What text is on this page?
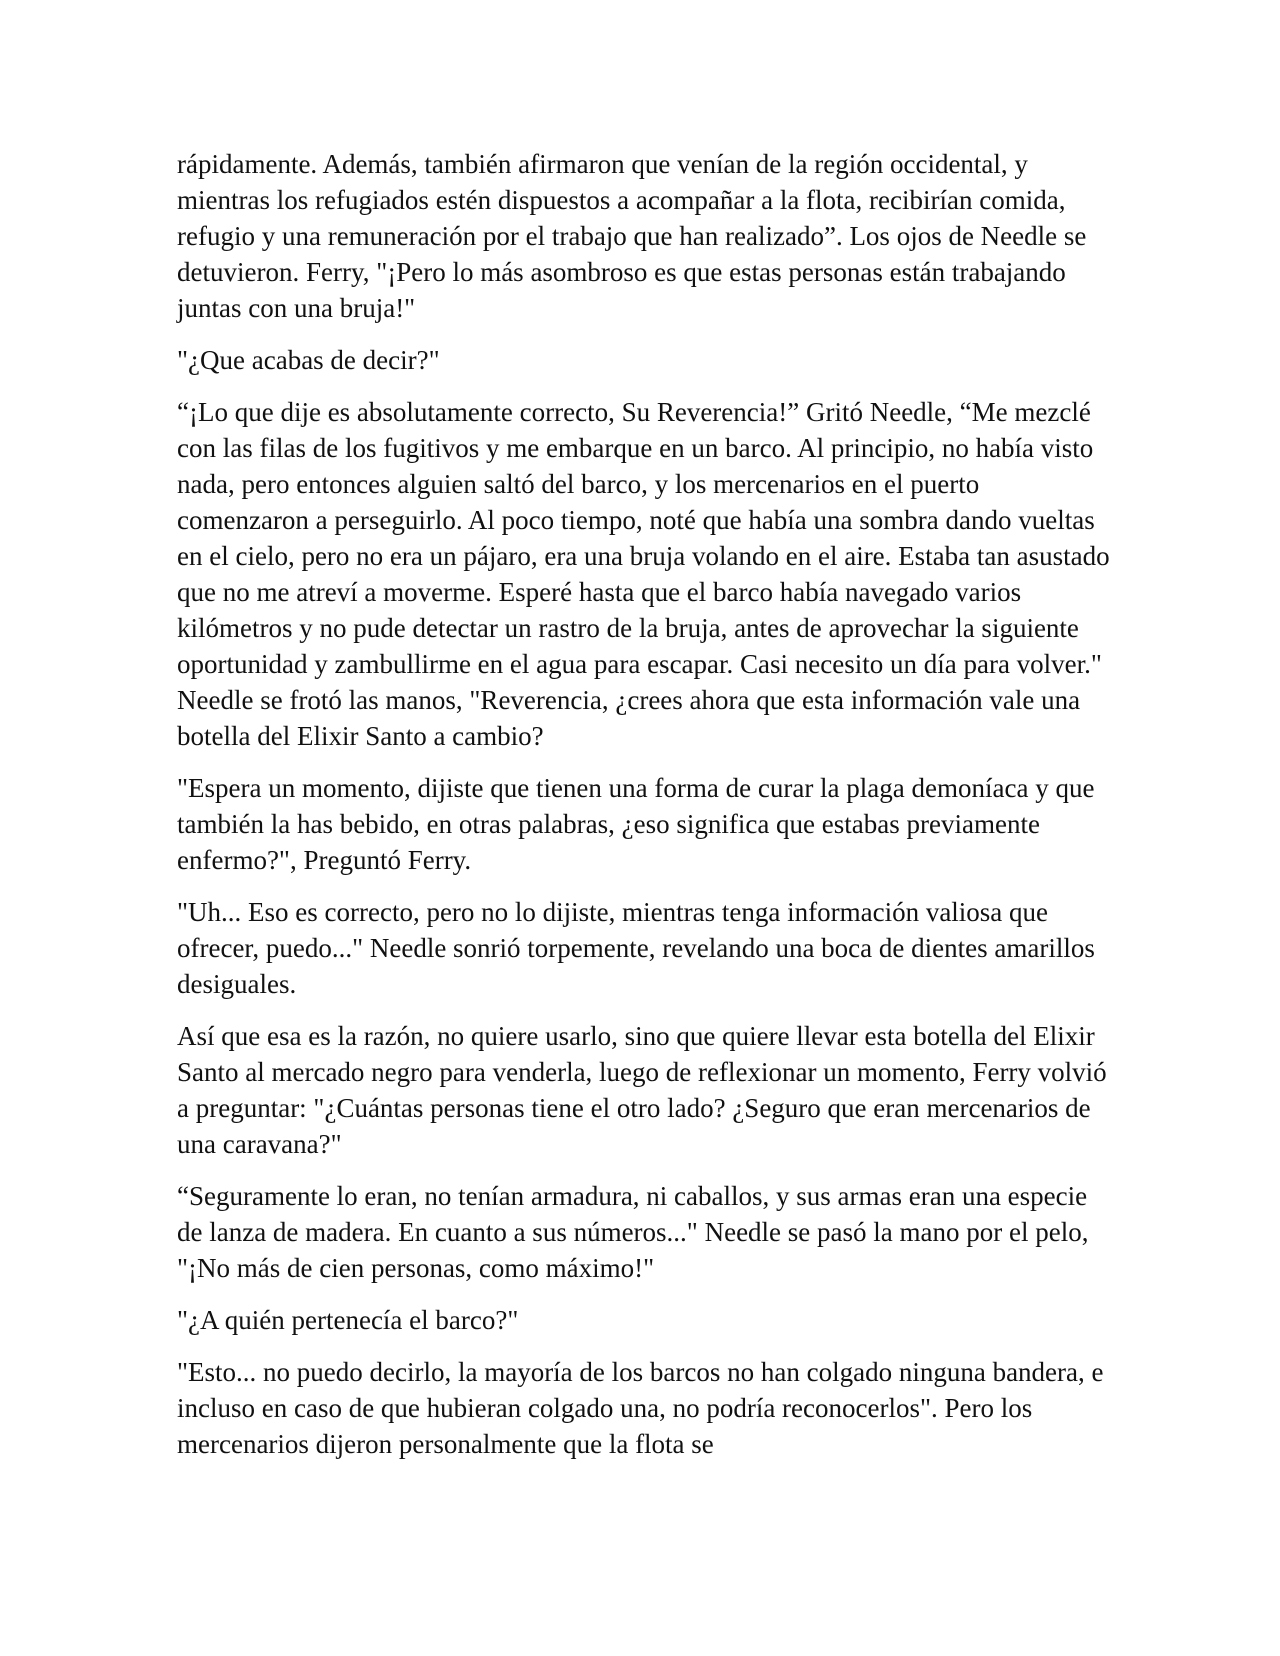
rápidamente. Además, también afirmaron que venían de la región occidental, y mientras los refugiados estén dispuestos a acompañar a la flota, recibirían comida, refugio y una remuneración por el trabajo que han realizado”. Los ojos de Needle se detuvieron. Ferry, "¡Pero lo más asombroso es que estas personas están trabajando juntas con una bruja!"

"¿Que acabas de decir?"

“¡Lo que dije es absolutamente correcto, Su Reverencia!” Gritó Needle, “Me mezclé con las filas de los fugitivos y me embarque en un barco. Al principio, no había visto nada, pero entonces alguien saltó del barco, y los mercenarios en el puerto comenzaron a perseguirlo. Al poco tiempo, noté que había una sombra dando vueltas en el cielo, pero no era un pájaro, era una bruja volando en el aire. Estaba tan asustado que no me atreví a moverme. Esperé hasta que el barco había navegado varios kilómetros y no pude detectar un rastro de la bruja, antes de aprovechar la siguiente oportunidad y zambullirme en el agua para escapar. Casi necesito un día para volver." Needle se frotó las manos, "Reverencia, ¿crees ahora que esta información vale una botella del Elixir Santo a cambio?

"Espera un momento, dijiste que tienen una forma de curar la plaga demoníaca y que también la has bebido, en otras palabras, ¿eso significa que estabas previamente enfermo?", Preguntó Ferry.

"Uh... Eso es correcto, pero no lo dijiste, mientras tenga información valiosa que ofrecer, puedo..." Needle sonrió torpemente, revelando una boca de dientes amarillos desiguales.

Así que esa es la razón, no quiere usarlo, sino que quiere llevar esta botella del Elixir Santo al mercado negro para venderla, luego de reflexionar un momento, Ferry volvió a preguntar: "¿Cuántas personas tiene el otro lado? ¿Seguro que eran mercenarios de una caravana?"

“Seguramente lo eran, no tenían armadura, ni caballos, y sus armas eran una especie de lanza de madera. En cuanto a sus números..." Needle se pasó la mano por el pelo, "¡No más de cien personas, como máximo!"

"¿A quién pertenecía el barco?"

"Esto... no puedo decirlo, la mayoría de los barcos no han colgado ninguna bandera, e incluso en caso de que hubieran colgado una, no podría reconocerlos". Pero los mercenarios dijeron personalmente que la flota se
